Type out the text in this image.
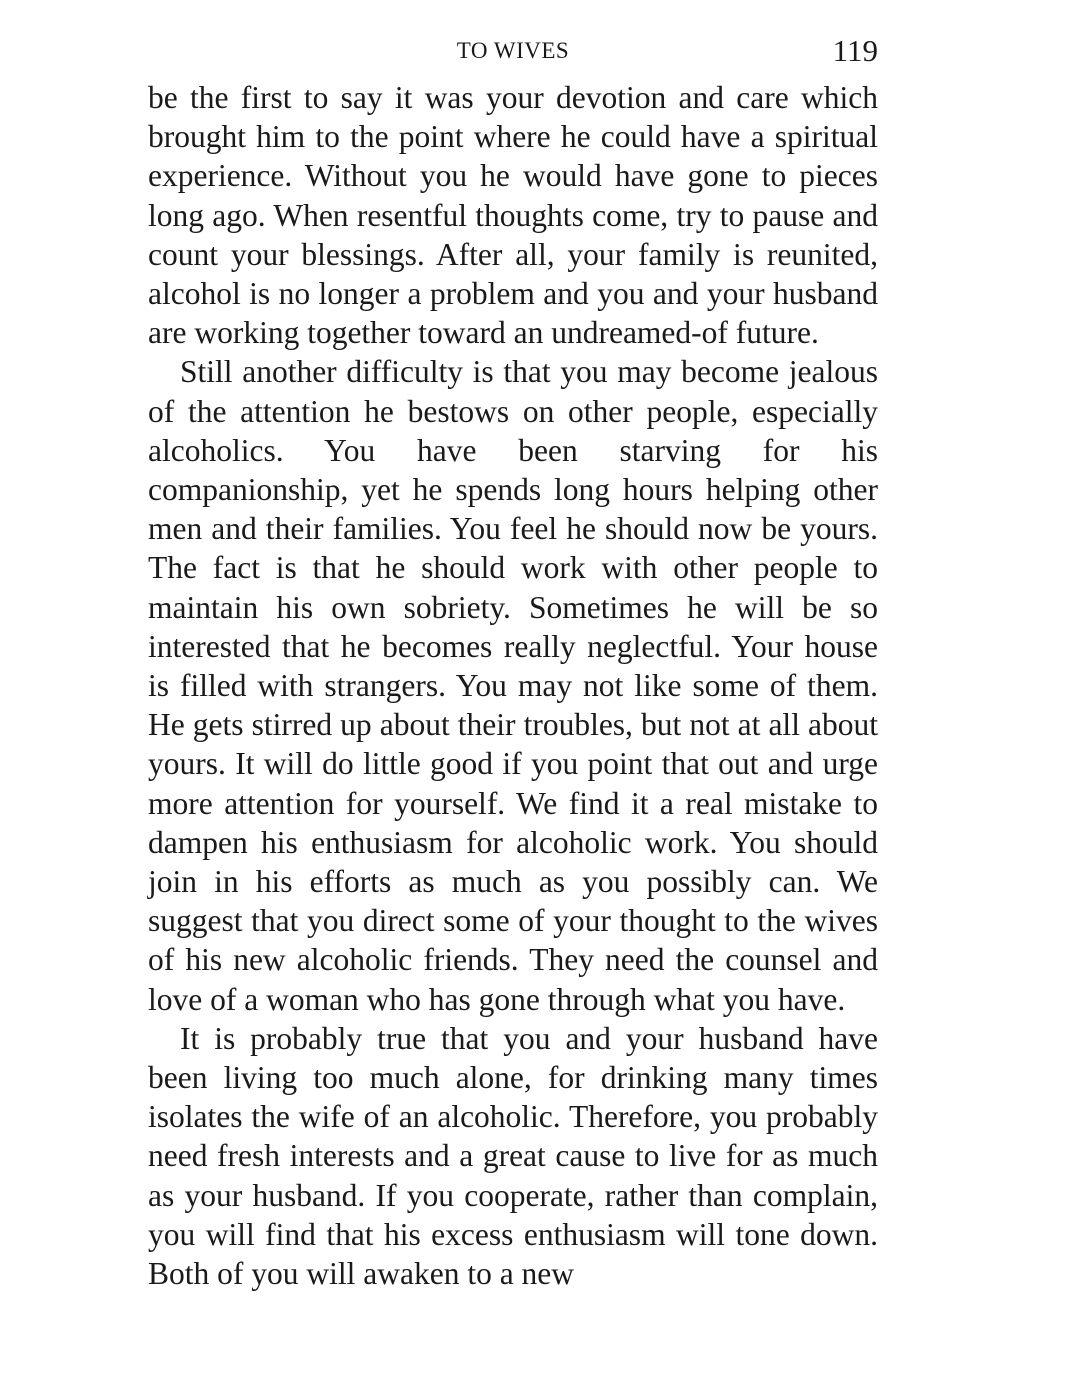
TO WIVES	119

be the first to say it was your devotion and care which brought him to the point where he could have a spiritual experience. Without you he would have gone to pieces long ago. When resentful thoughts come, try to pause and count your blessings. After all, your family is reunited, alcohol is no longer a problem and you and your husband are working together toward an undreamed-of future.

Still another difficulty is that you may become jealous of the attention he bestows on other people, especially alcoholics. You have been starving for his companionship, yet he spends long hours helping other men and their families. You feel he should now be yours. The fact is that he should work with other people to maintain his own sobriety. Sometimes he will be so interested that he becomes really neglectful. Your house is filled with strangers. You may not like some of them. He gets stirred up about their troubles, but not at all about yours. It will do little good if you point that out and urge more attention for yourself. We find it a real mistake to dampen his enthusiasm for alcoholic work. You should join in his efforts as much as you possibly can. We suggest that you direct some of your thought to the wives of his new alcoholic friends. They need the counsel and love of a woman who has gone through what you have.

It is probably true that you and your husband have been living too much alone, for drinking many times isolates the wife of an alcoholic. Therefore, you probably need fresh interests and a great cause to live for as much as your husband. If you cooperate, rather than complain, you will find that his excess enthusiasm will tone down. Both of you will awaken to a new
